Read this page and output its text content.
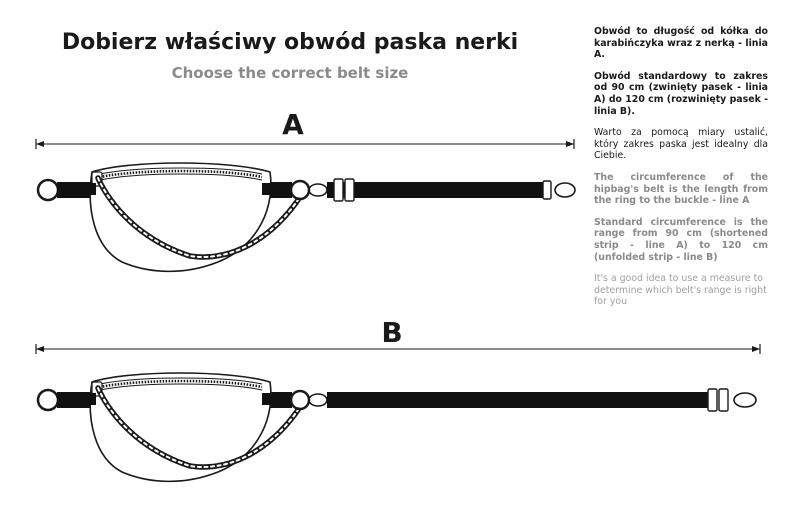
Dobierz właściwy obwód paska nerki
Choose the correct belt size

Obwód to długość od kółka do karabińczyka wraz z nerką - linia A.

Obwód standardowy to zakres od 90 cm (zwinięty pasek - linia A) do 120 cm (rozwinięty pasek - linia B).

Warto za pomocą miary ustalić, który zakres paska jest idealny dla Ciebie.

The circumference of the hipbag's belt is the length from the ring to the buckle - line A

Standard circumference is the range from 90 cm (shortened strip - line A) to 120 cm (unfolded strip - line B)

It's a good idea to use a measure to determine which belt's range is right for you

A
B
